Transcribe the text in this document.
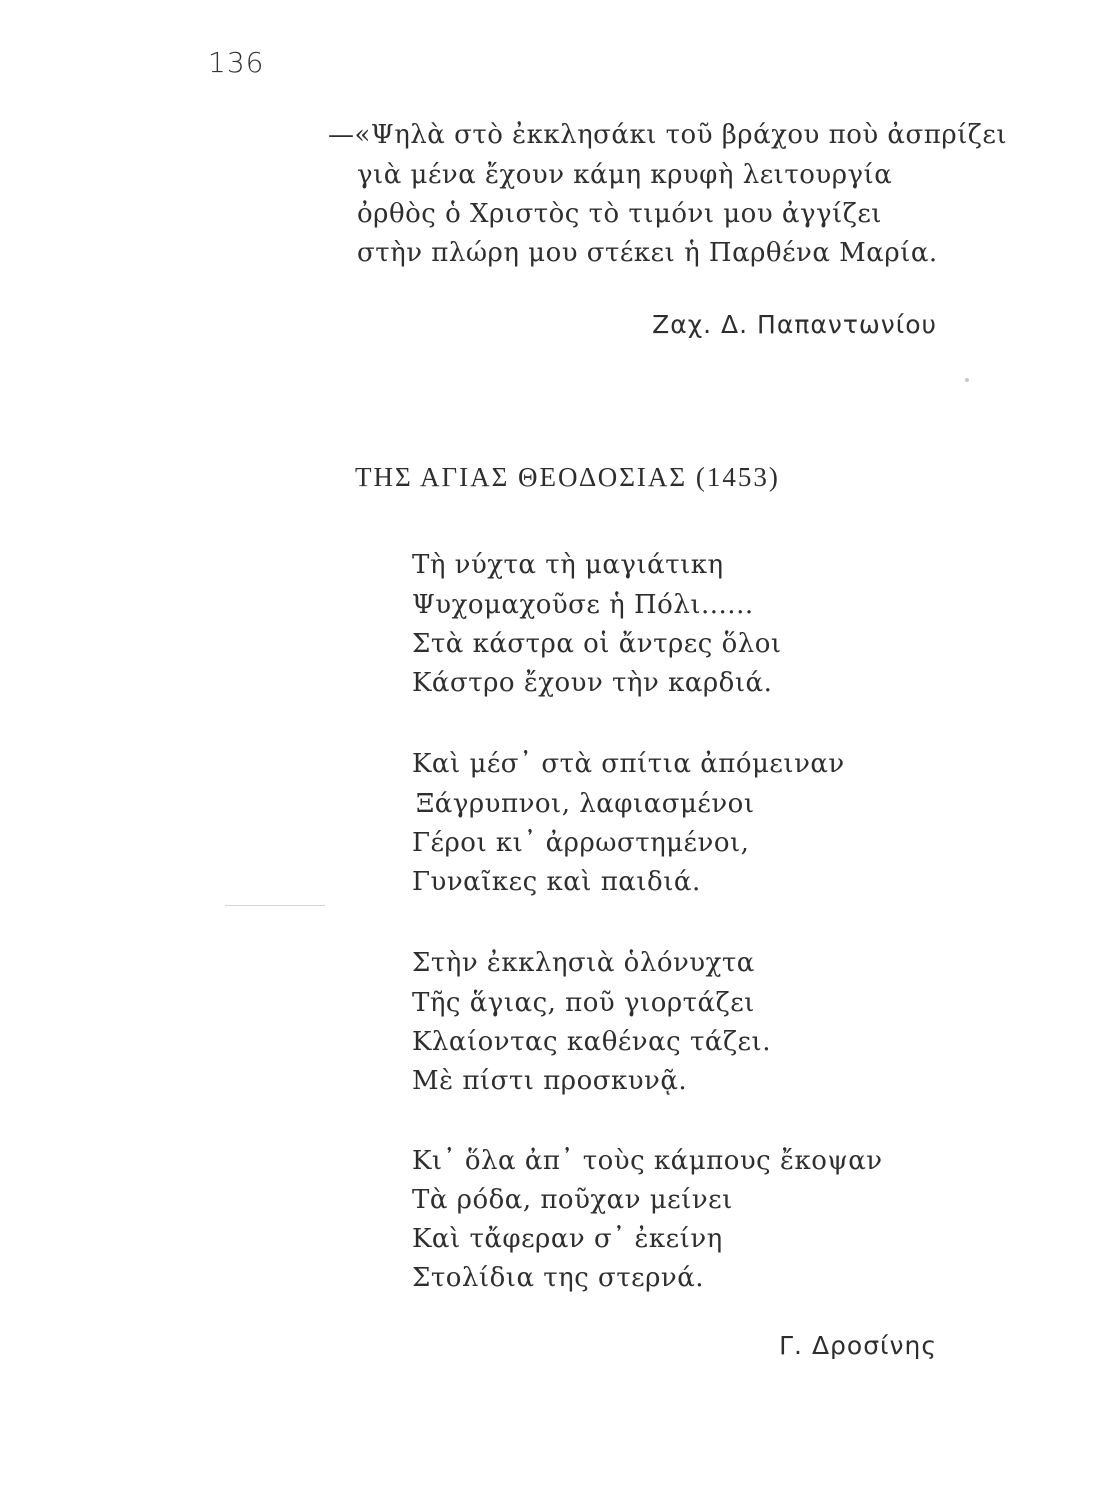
136
—«Ψηλὰ στὸ ἐκκλησάκι τοῦ βράχου ποὺ ἀσπρίζει
γιὰ μένα ἔχουν κάμη κρυφὴ λειτουργία
ὀρθὸς ὁ Χριστὸς τὸ τιμόνι μου ἀγγίζει
στὴν πλώρη μου στέκει ἡ Παρθένα Μαρία.
Ζαχ. Δ. Παπαντωνίου
ΤΗΣ ΑΓΙΑΣ ΘΕΟΔΟΣΙΑΣ (1453)
Τὴ νύχτα τὴ μαγιάτικη
Ψυχομαχοῦσε ἡ Πόλι......
Στὰ κάστρα οἱ ἄντρες ὅλοι
Κάστρο ἔχουν τὴν καρδιά.
Καὶ μέσ᾽ στὰ σπίτια ἀπόμειναν
Ξάγρυπνοι, λαφιασμένοι
Γέροι κι᾽ ἀρρωστημένοι,
Γυναῖκες καὶ παιδιά.
Στὴν ἐκκλησιὰ ὁλόνυχτα
Τῆς ἅγιας, ποῦ γιορτάζει
Κλαίοντας καθένας τάζει.
Μὲ πίστι προσκυνᾷ.
Κι᾽ ὅλα ἀπ᾽ τοὺς κάμπους ἔκοψαν
Τὰ ρόδα, ποῦχαν μείνει
Καὶ τἄφεραν σ᾽ ἐκείνη
Στολίδια της στερνά.
Γ. Δροσίνης
